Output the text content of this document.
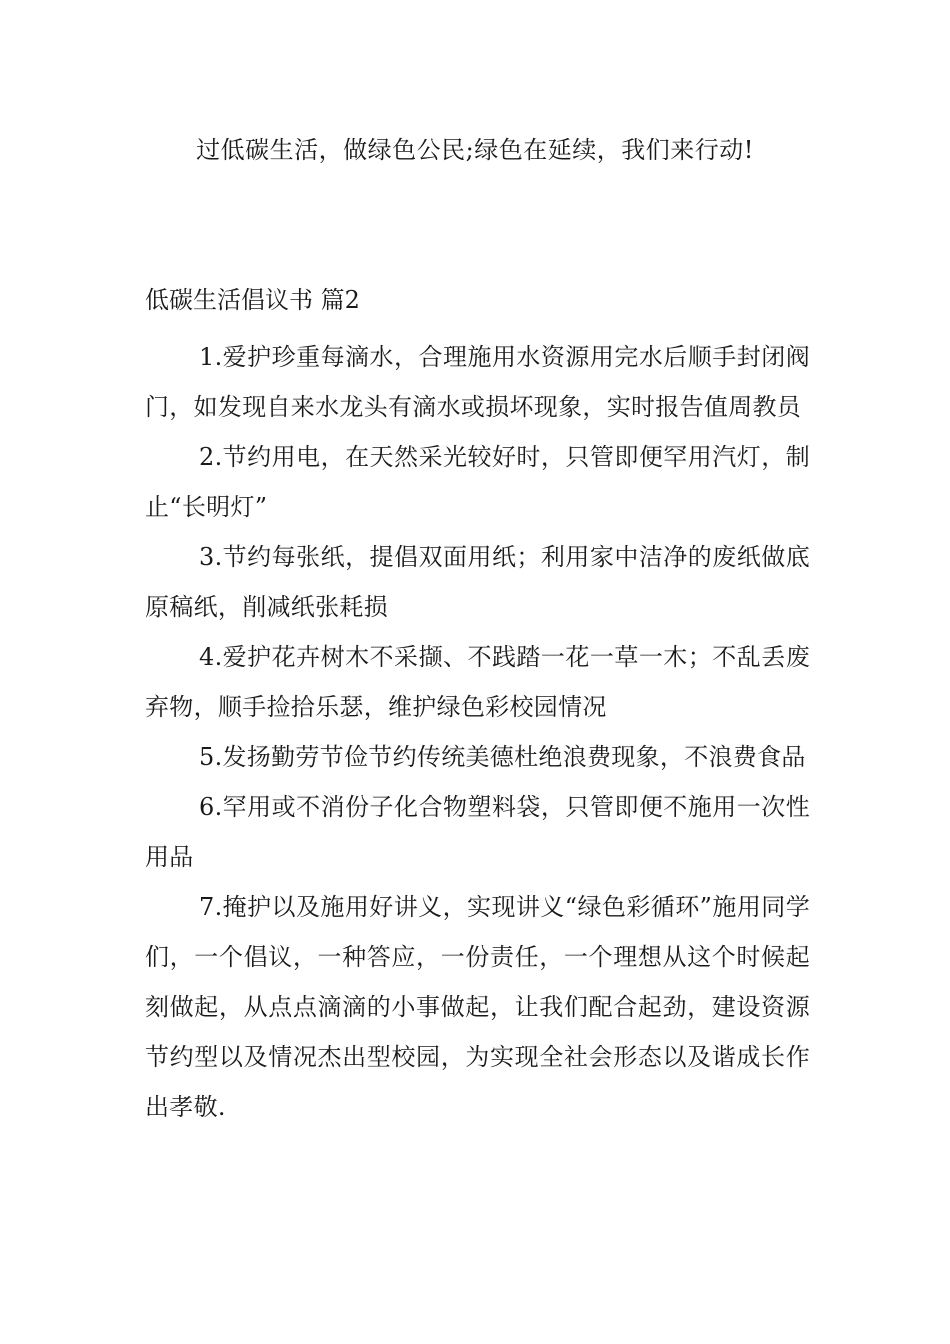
过低碳生活，做绿色公民;绿色在延续，我们来行动!

低碳生活倡议书 篇2

1.爱护珍重每滴水，合理施用水资源用完水后顺手封闭阀门，如发现自来水龙头有滴水或损坏现象，实时报告值周教员

2.节约用电，在天然采光较好时，只管即便罕用汽灯，制止“长明灯”

3.节约每张纸，提倡双面用纸；利用家中洁净的废纸做底原稿纸，削减纸张耗损

4.爱护花卉树木不采撷、不践踏一花一草一木；不乱丢废弃物，顺手捡拾乐瑟，维护绿色彩校园情况

5.发扬勤劳节俭节约传统美德杜绝浪费现象，不浪费食品

6.罕用或不消份子化合物塑料袋，只管即便不施用一次性用品

7.掩护以及施用好讲义，实现讲义“绿色彩循环”施用同学们，一个倡议，一种答应，一份责任，一个理想从这个时候起刻做起，从点点滴滴的小事做起，让我们配合起劲，建设资源节约型以及情况杰出型校园，为实现全社会形态以及谐成长作出孝敬.
